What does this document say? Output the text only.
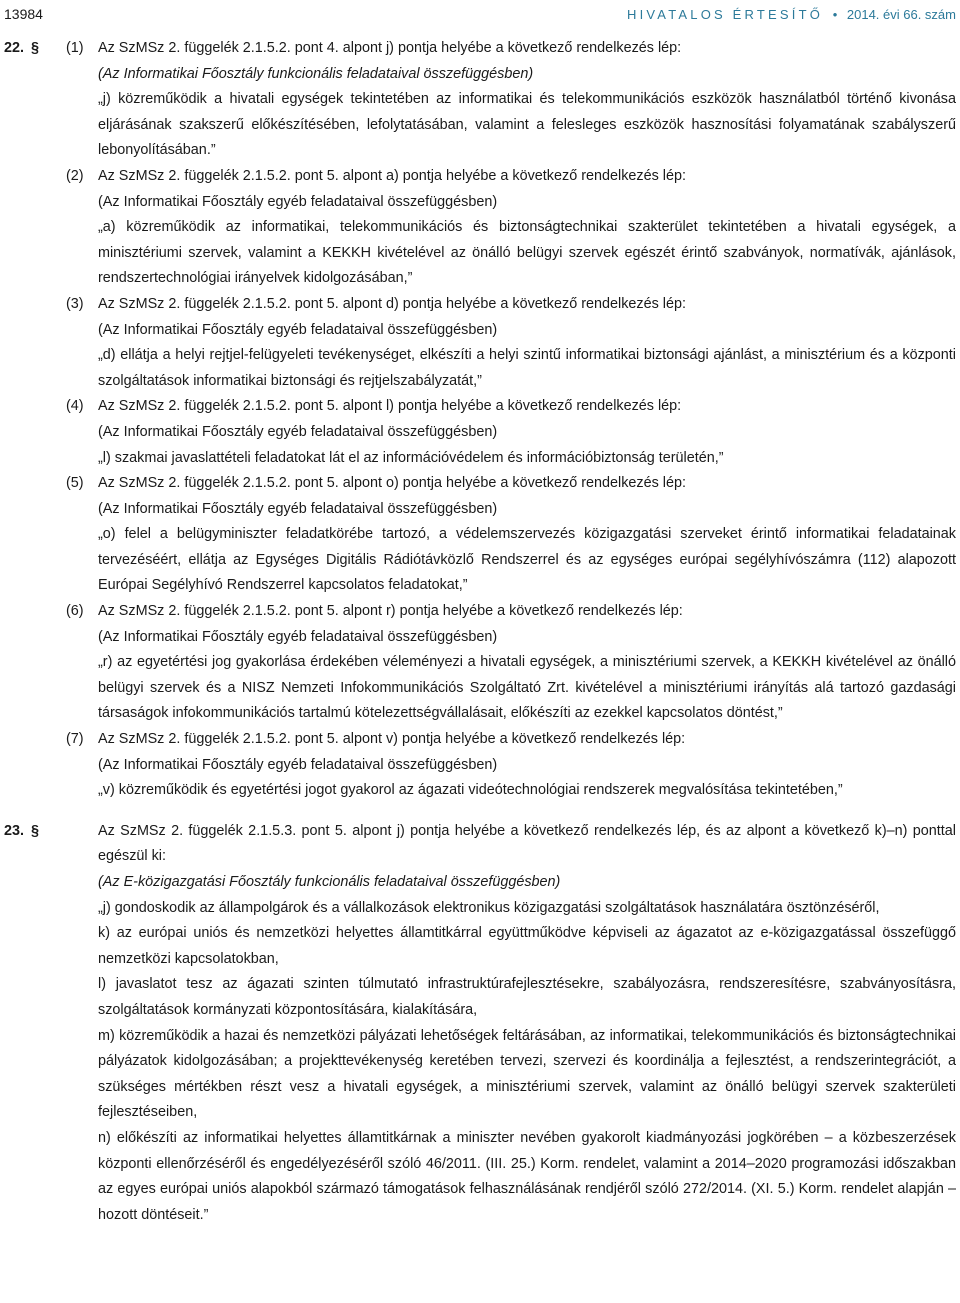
13984	HIVATALOS ÉRTESÍTŐ • 2014. évi 66. szám
22. § (1) Az SzMSz 2. függelék 2.1.5.2. pont 4. alpont j) pontja helyébe a következő rendelkezés lép:

(Az Informatikai Főosztály funkcionális feladataival összefüggésben)

„j) közreműködik a hivatali egységek tekintetében az informatikai és telekommunikációs eszközök használatból történő kivonása eljárásának szakszerű előkészítésében, lefolytatásában, valamint a felesleges eszközök hasznosítási folyamatának szabályszerű lebonyolításában.”

(2) Az SzMSz 2. függelék 2.1.5.2. pont 5. alpont a) pontja helyébe a következő rendelkezés lép:

(Az Informatikai Főosztály egyéb feladataival összefüggésben)

„a) közreműködik az informatikai, telekommunikációs és biztonságtechnikai szakterület tekintetében a hivatali egységek, a minisztériumi szervek, valamint a KEKKH kivételével az önálló belügyi szervek egészét érintő szabványok, normatívák, ajánlások, rendszertechnológiai irányelvek kidolgozásában,”

(3) Az SzMSz 2. függelék 2.1.5.2. pont 5. alpont d) pontja helyébe a következő rendelkezés lép:

(Az Informatikai Főosztály egyéb feladataival összefüggésben)

„d) ellátja a helyi rejtjel-felügyeleti tevékenységet, elkészíti a helyi szintű informatikai biztonsági ajánlást, a minisztérium és a központi szolgáltatások informatikai biztonsági és rejtjelszabályzatát,”

(4) Az SzMSz 2. függelék 2.1.5.2. pont 5. alpont l) pontja helyébe a következő rendelkezés lép:

(Az Informatikai Főosztály egyéb feladataival összefüggésben)

„l) szakmai javaslattételi feladatokat lát el az információvédelem és információbiztonság területén,”

(5) Az SzMSz 2. függelék 2.1.5.2. pont 5. alpont o) pontja helyébe a következő rendelkezés lép:

(Az Informatikai Főosztály egyéb feladataival összefüggésben)

„o) felel a belügyminiszter feladatkörébe tartozó, a védelemszervezés közigazgatási szerveket érintő informatikai feladatainak tervezéséért, ellátja az Egységes Digitális Rádiótávközlő Rendszerrel és az egységes európai segélyhívószámra (112) alapozott Európai Segélyhívó Rendszerrel kapcsolatos feladatokat,”

(6) Az SzMSz 2. függelék 2.1.5.2. pont 5. alpont r) pontja helyébe a következő rendelkezés lép:

(Az Informatikai Főosztály egyéb feladataival összefüggésben)

„r) az egyetértési jog gyakorlása érdekében véleményezi a hivatali egységek, a minisztériumi szervek, a KEKKH kivételével az önálló belügyi szervek és a NISZ Nemzeti Infokommunikációs Szolgáltató Zrt. kivételével a minisztériumi irányítás alá tartozó gazdasági társaságok infokommunikációs tartalmú kötelezettségvállalásait, előkészíti az ezekkel kapcsolatos döntést,”

(7) Az SzMSz 2. függelék 2.1.5.2. pont 5. alpont v) pontja helyébe a következő rendelkezés lép:

(Az Informatikai Főosztály egyéb feladataival összefüggésben)

„v) közreműködik és egyetértési jogot gyakorol az ágazati videótechnológiai rendszerek megvalósítása tekintetében,”

23. §	Az SzMSz 2. függelék 2.1.5.3. pont 5. alpont j) pontja helyébe a következő rendelkezés lép, és az alpont a következő k)–n) ponttal egészül ki:

(Az E-közigazgatási Főosztály funkcionális feladataival összefüggésben)

„j) gondoskodik az állampolgárok és a vállalkozások elektronikus közigazgatási szolgáltatások használatára ösztönzéséről,

k) az európai uniós és nemzetközi helyettes államtitkárral együttműködve képviseli az ágazatot az e-közigazgatással összefüggő nemzetközi kapcsolatokban,

l) javaslatot tesz az ágazati szinten túlmutató infrastruktúrafejlesztésekre, szabályozásra, rendszeresítésre, szabványosításra, szolgáltatások kormányzati központosítására, kialakítására,

m) közreműködik a hazai és nemzetközi pályázati lehetőségek feltárásában, az informatikai, telekommunikációs és biztonságtechnikai pályázatok kidolgozásában; a projekttevékenység keretében tervezi, szervezi és koordinálja a fejlesztést, a rendszerintegrációt, a szükséges mértékben részt vesz a hivatali egységek, a minisztériumi szervek, valamint az önálló belügyi szervek szakterületi fejlesztéseiben,

n) előkészíti az informatikai helyettes államtitkárnak a miniszter nevében gyakorolt kiadmányozási jogkörében – a közbeszerzések központi ellenőrzéséről és engedélyezéséről szóló 46/2011. (III. 25.) Korm. rendelet, valamint a 2014–2020 programozási időszakban az egyes európai uniós alapokból származó támogatások felhasználásának rendjéről szóló 272/2014. (XI. 5.) Korm. rendelet alapján – hozott döntéseit.”
